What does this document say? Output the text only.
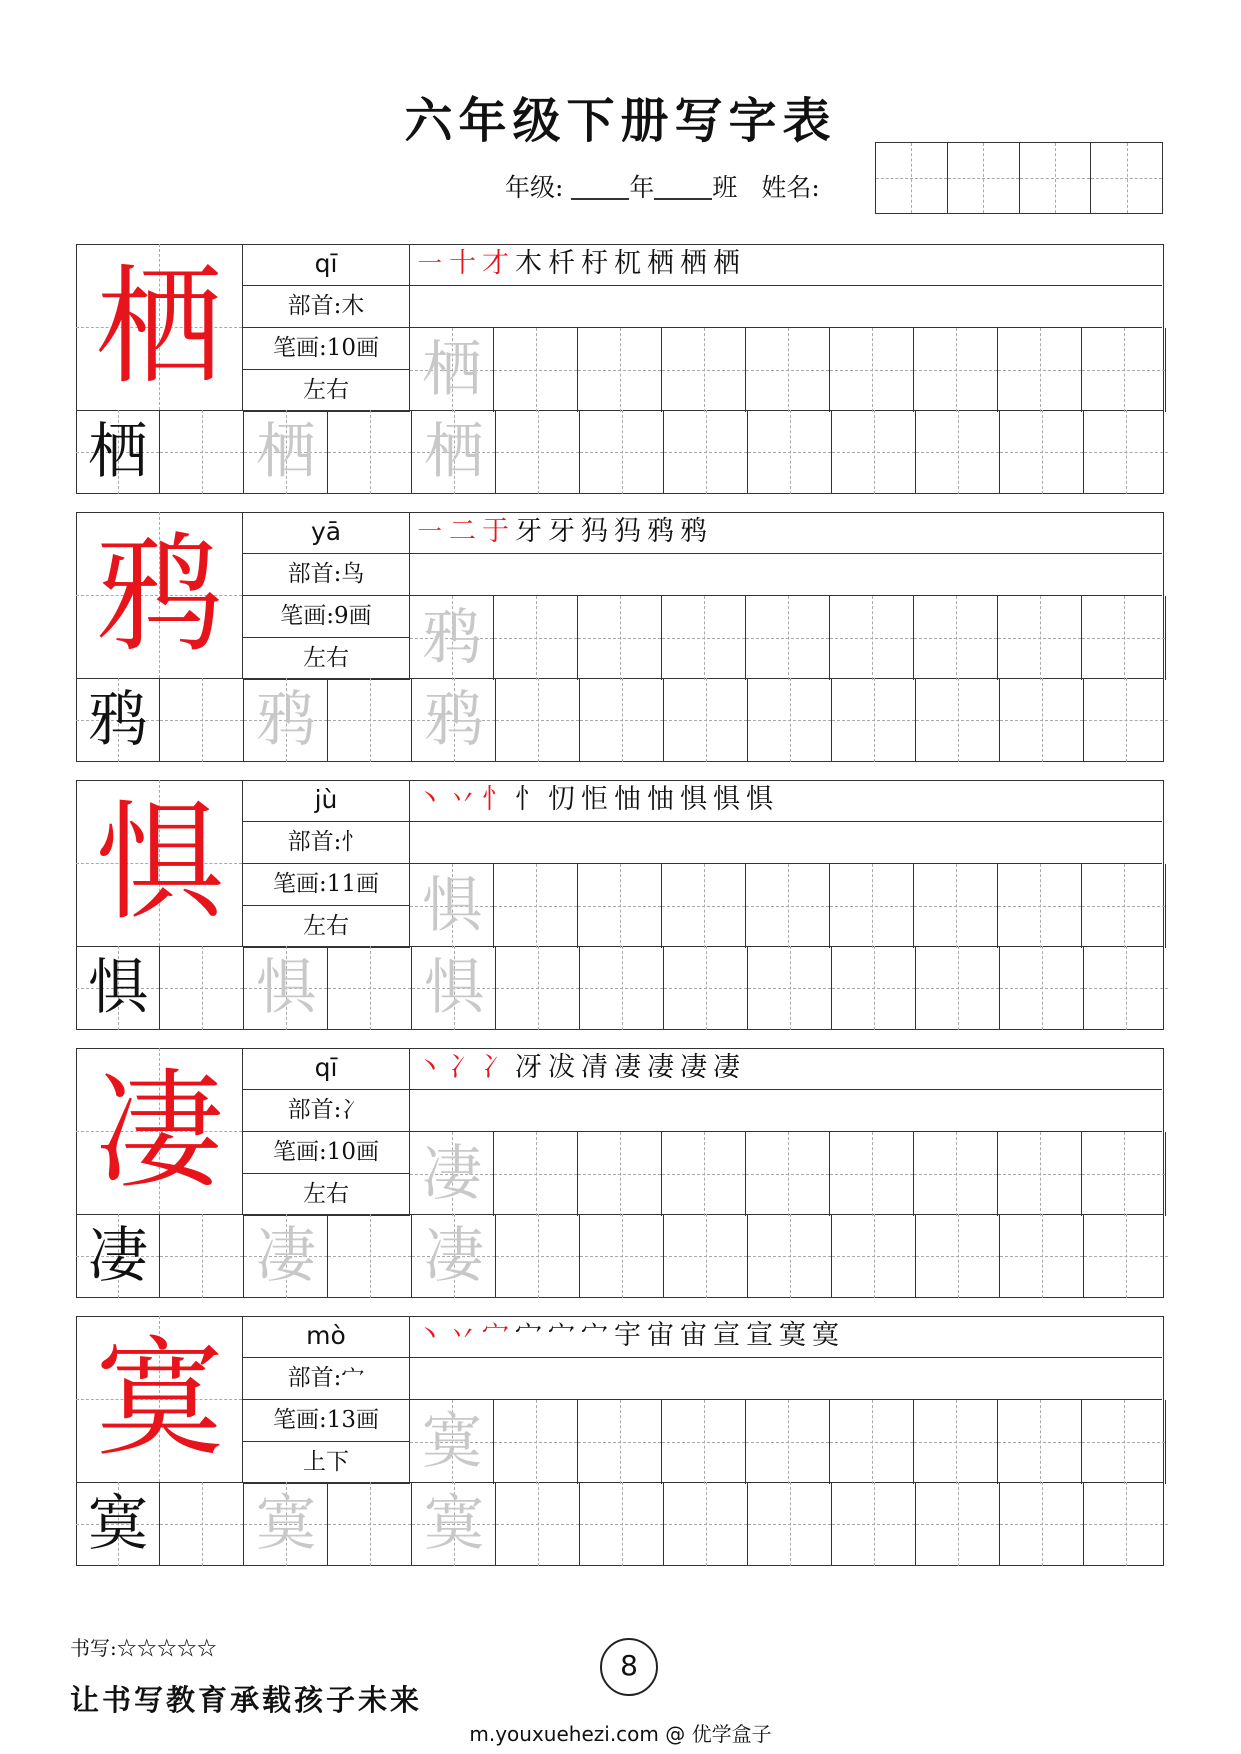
六年级下册写字表
年级:	年 班 姓名:
栖	qī
部首:木
笔画:10画
左右
㇐十才木杄杅杌栖栖栖
栖
栖 栖 栖
鸦	yā
部首:鸟
笔画:9画
左右
㇐二于牙牙犸犸鸦鸦
鸦
鸦 鸦 鸦
惧	jù
部首:忄
笔画:11画
左右
丶丷忄忄忉怇怞怞惧惧惧
惧
惧 惧 惧
凄	qī
部首:冫
笔画:10画
左右
丶冫冫冴冹凊凄凄凄凄
凄
凄 凄 凄
寞	mò
部首:宀
笔画:13画
上下
丶丷宀宀宀宀宇宙宙宣宣寞寞
寞
寞 寞 寞
书写:☆☆☆☆☆
让书写教育承载孩子未来
8
m.youxuehezi.com @ 优学盒子
